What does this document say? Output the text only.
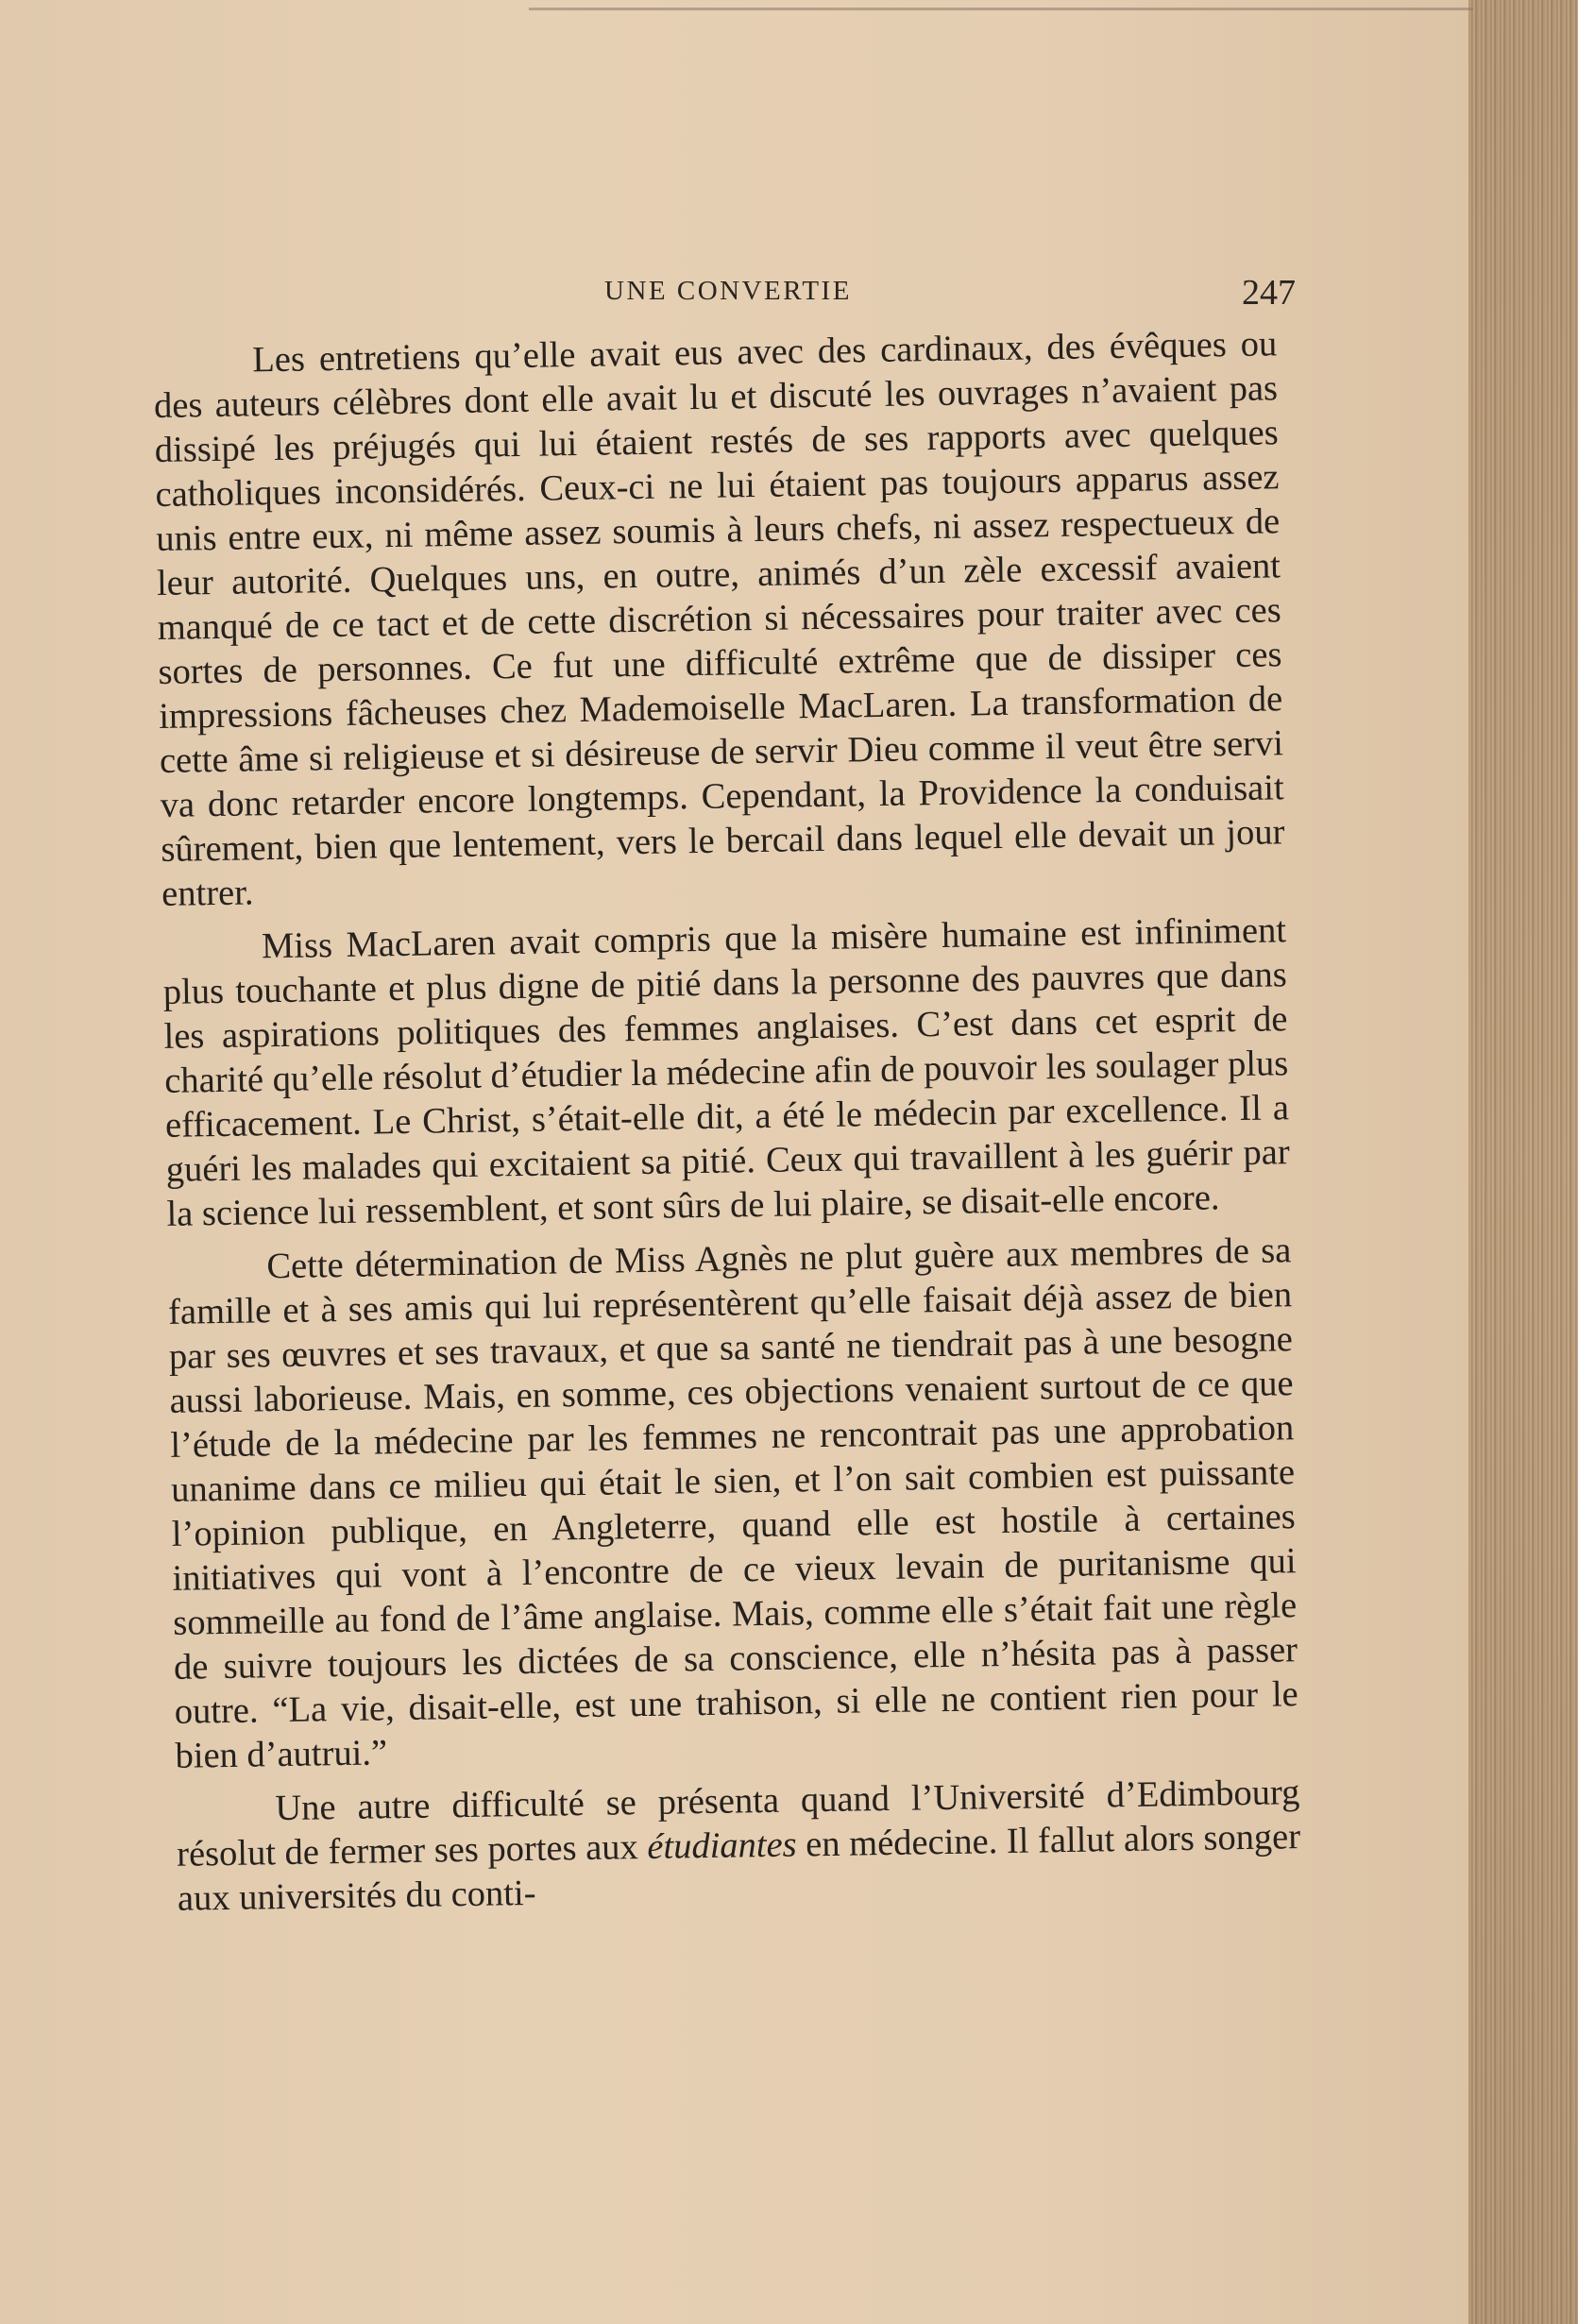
UNE CONVERTIE	247

Les entretiens qu’elle avait eus avec des cardinaux, des évêques ou des auteurs célèbres dont elle avait lu et discuté les ouvrages n’avaient pas dissipé les préjugés qui lui étaient restés de ses rapports avec quelques catholiques inconsidérés. Ceux-ci ne lui étaient pas toujours apparus assez unis entre eux, ni même assez soumis à leurs chefs, ni assez respectueux de leur autorité. Quelques uns, en outre, animés d’un zèle excessif avaient manqué de ce tact et de cette discrétion si nécessaires pour traiter avec ces sortes de personnes. Ce fut une difficulté extrême que de dissiper ces impressions fâcheuses chez Mademoiselle MacLaren. La transformation de cette âme si religieuse et si désireuse de servir Dieu comme il veut être servi va donc retarder encore longtemps. Cependant, la Providence la conduisait sûrement, bien que lentement, vers le bercail dans lequel elle devait un jour entrer.

Miss MacLaren avait compris que la misère humaine est infiniment plus touchante et plus digne de pitié dans la personne des pauvres que dans les aspirations politiques des femmes anglaises. C’est dans cet esprit de charité qu’elle résolut d’étudier la médecine afin de pouvoir les soulager plus efficacement. Le Christ, s’était-elle dit, a été le médecin par excellence. Il a guéri les malades qui excitaient sa pitié. Ceux qui travaillent à les guérir par la science lui ressemblent, et sont sûrs de lui plaire, se disait-elle encore.

Cette détermination de Miss Agnès ne plut guère aux membres de sa famille et à ses amis qui lui représentèrent qu’elle faisait déjà assez de bien par ses œuvres et ses travaux, et que sa santé ne tiendrait pas à une besogne aussi laborieuse. Mais, en somme, ces objections venaient surtout de ce que l’étude de la médecine par les femmes ne rencontrait pas une approbation unanime dans ce milieu qui était le sien, et l’on sait combien est puissante l’opinion publique, en Angleterre, quand elle est hostile à certaines initiatives qui vont à l’encontre de ce vieux levain de puritanisme qui sommeille au fond de l’âme anglaise. Mais, comme elle s’était fait une règle de suivre toujours les dictées de sa conscience, elle n’hésita pas à passer outre. “La vie, disait-elle, est une trahison, si elle ne contient rien pour le bien d’autrui.”

Une autre difficulté se présenta quand l’Université d’Edimbourg résolut de fermer ses portes aux étudiantes en médecine. Il fallut alors songer aux universités du conti-
